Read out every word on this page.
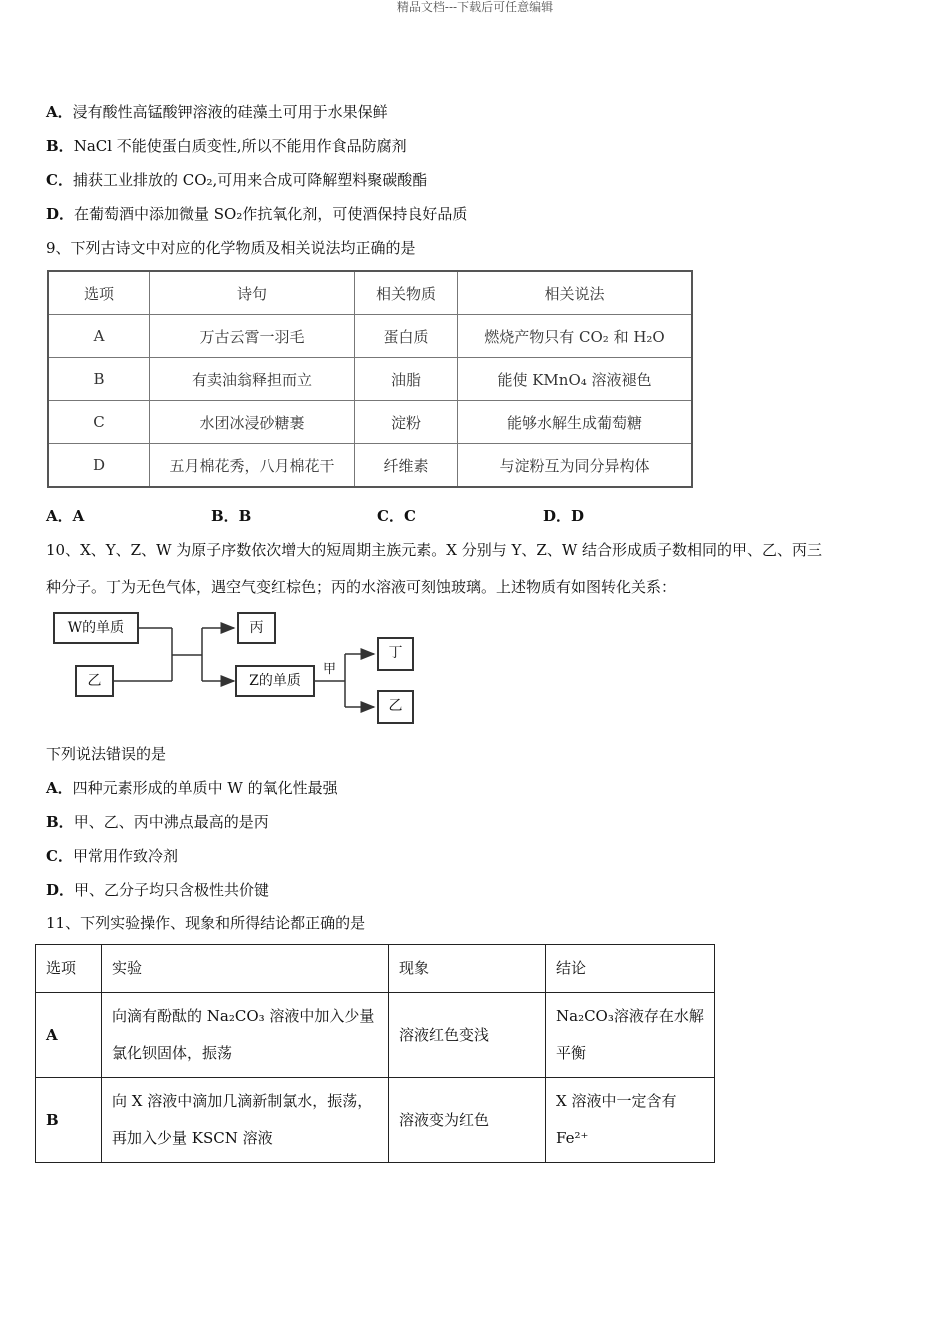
精品文档---下载后可任意编辑
A．浸有酸性高锰酸钾溶液的硅藻土可用于水果保鲜
B．NaCl 不能使蛋白质变性,所以不能用作食品防腐剂
C．捕获工业排放的 CO₂,可用来合成可降解塑料聚碳酸酯
D．在葡萄酒中添加微量 SO₂作抗氧化剂，可使酒保持良好品质
9、下列古诗文中对应的化学物质及相关说法均正确的是
选项	诗句	相关物质	相关说法
A	万古云霄一羽毛	蛋白质	燃烧产物只有 CO₂ 和 H₂O
B	有卖油翁释担而立	油脂	能使 KMnO₄ 溶液褪色
C	水团冰浸砂糖裹	淀粉	能够水解生成葡萄糖
D	五月棉花秀，八月棉花干	纤维素	与淀粉互为同分异构体
A．A	B．B	C．C	D．D
10、X、Y、Z、W 为原子序数依次增大的短周期主族元素。X 分别与 Y、Z、W 结合形成质子数相同的甲、乙、丙三
种分子。丁为无色气体，遇空气变红棕色；丙的水溶液可刻蚀玻璃。上述物质有如图转化关系：
W的单质
乙
丙
Z的单质
甲
丁
乙
下列说法错误的是
A．四种元素形成的单质中 W 的氧化性最强
B．甲、乙、丙中沸点最高的是丙
C．甲常用作致冷剂
D．甲、乙分子均只含极性共价键
11、下列实验操作、现象和所得结论都正确的是
选项	实验	现象	结论
A	向滴有酚酞的 Na₂CO₃ 溶液中加入少量氯化钡固体，振荡	溶液红色变浅	Na₂CO₃溶液存在水解平衡
B	向 X 溶液中滴加几滴新制氯水，振荡， 再加入少量 KSCN 溶液	溶液变为红色	X 溶液中一定含有 Fe²⁺
